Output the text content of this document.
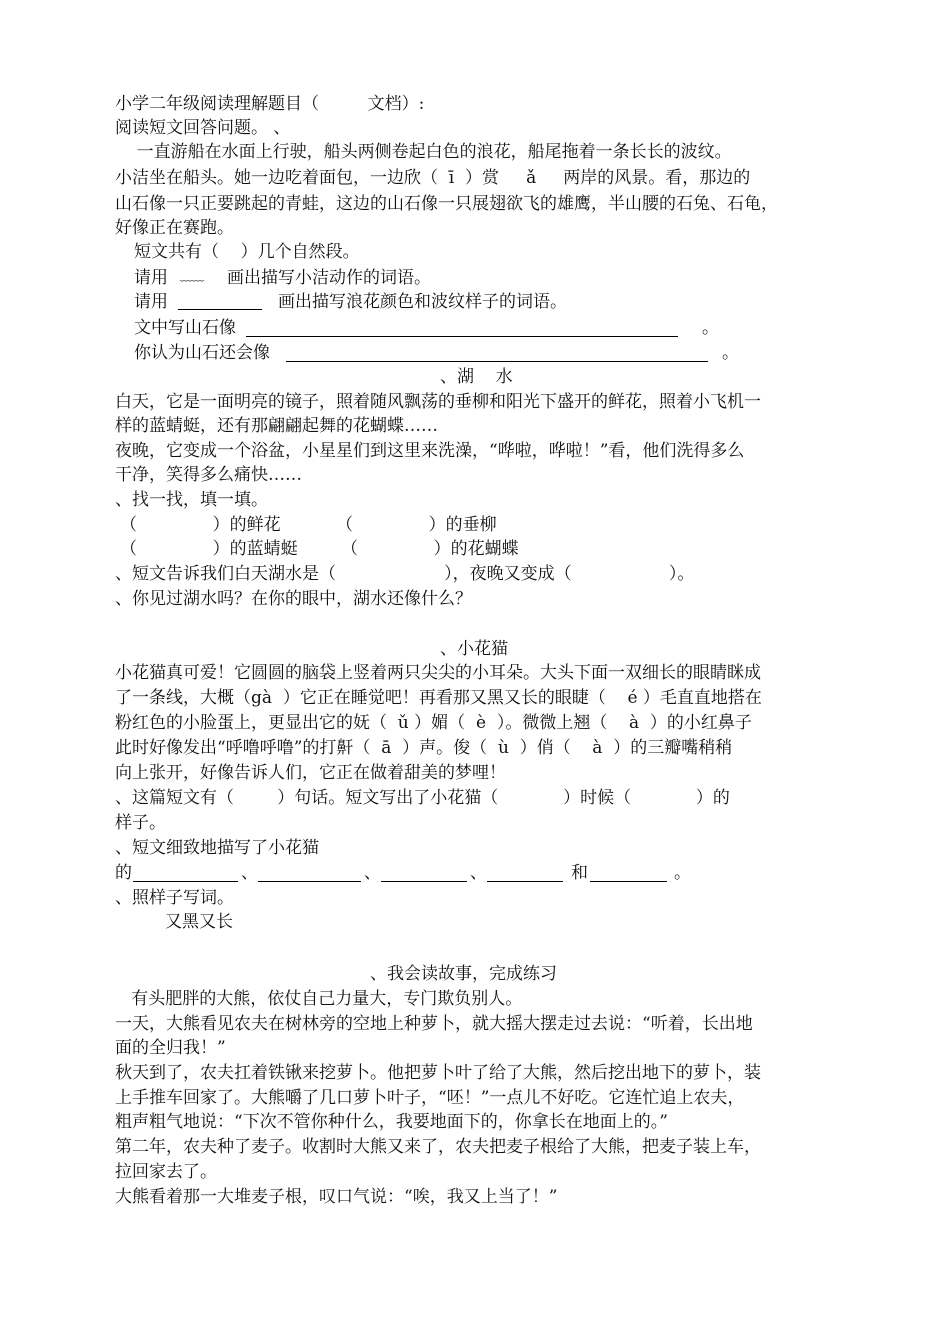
小学二年级阅读理解题目（         文档）:
阅读短文回答问题。 、
一直游船在水面上行驶，船头两侧卷起白色的浪花，船尾拖着一条长长的波纹。
小洁坐在船头。她一边吃着面包，一边欣（  ī  ）赏     ǎ     两岸的风景。看，那边的
山石像一只正要跳起的青蛙，这边的山石像一只展翅欲飞的雄鹰，半山腰的石兔、石龟，
好像正在赛跑。
短文共有（    ）几个自然段。
请用 ﹏﹏ 画出描写小洁动作的词语。
请用	画出描写浪花颜色和波纹样子的词语。
文中写山石像	。
你认为山石还会像	。
、湖    水
白天，它是一面明亮的镜子，照着随风飘荡的垂柳和阳光下盛开的鲜花，照着小飞机一
样的蓝蜻蜓，还有那翩翩起舞的花蝴蝶……
夜晚，它变成一个浴盆，小星星们到这里来洗澡，“哗啦，哗啦！”看，他们洗得多么
干净，笑得多么痛快……
、找一找，填一填。
（              ）的鲜花	（              ）的垂柳
（              ）的蓝蜻蜓	（              ）的花蝴蝶
、短文告诉我们白天湖水是（                    ），夜晚又变成（                  ）。
、你见过湖水吗？在你的眼中，湖水还像什么？
、小花猫
小花猫真可爱！它圆圆的脑袋上竖着两只尖尖的小耳朵。大头下面一双细长的眼睛眯成
了一条线，大概（gà  ）它正在睡觉吧！再看那又黑又长的眼睫（    é ）毛直直地搭在
粉红色的小脸蛋上，更显出它的妩（  ǔ ）媚（  è  ）。微微上翘（    à  ）的小红鼻子
此时好像发出“呼噜呼噜”的打鼾（  ā  ）声。俊（  ù  ）俏（    à  ）的三瓣嘴稍稍
向上张开，好像告诉人们，它正在做着甜美的梦哩！
、这篇短文有（        ）句话。短文写出了小花猫（            ）时候（            ）的
样子。
、短文细致地描写了小花猫
的	、	、	、	和	。
、照样子写词。
又黑又长
、我会读故事，完成练习
有头肥胖的大熊，依仗自己力量大，专门欺负别人。
一天，大熊看见农夫在树林旁的空地上种萝卜，就大摇大摆走过去说：“听着，长出地
面的全归我！”
秋天到了，农夫扛着铁锹来挖萝卜。他把萝卜叶了给了大熊，然后挖出地下的萝卜，装
上手推车回家了。大熊嚼了几口萝卜叶子，“呸！”一点儿不好吃。它连忙追上农夫，
粗声粗气地说：“下次不管你种什么，我要地面下的，你拿长在地面上的。”
第二年，农夫种了麦子。收割时大熊又来了，农夫把麦子根给了大熊，把麦子装上车，
拉回家去了。
大熊看着那一大堆麦子根，叹口气说：“唉，我又上当了！”
